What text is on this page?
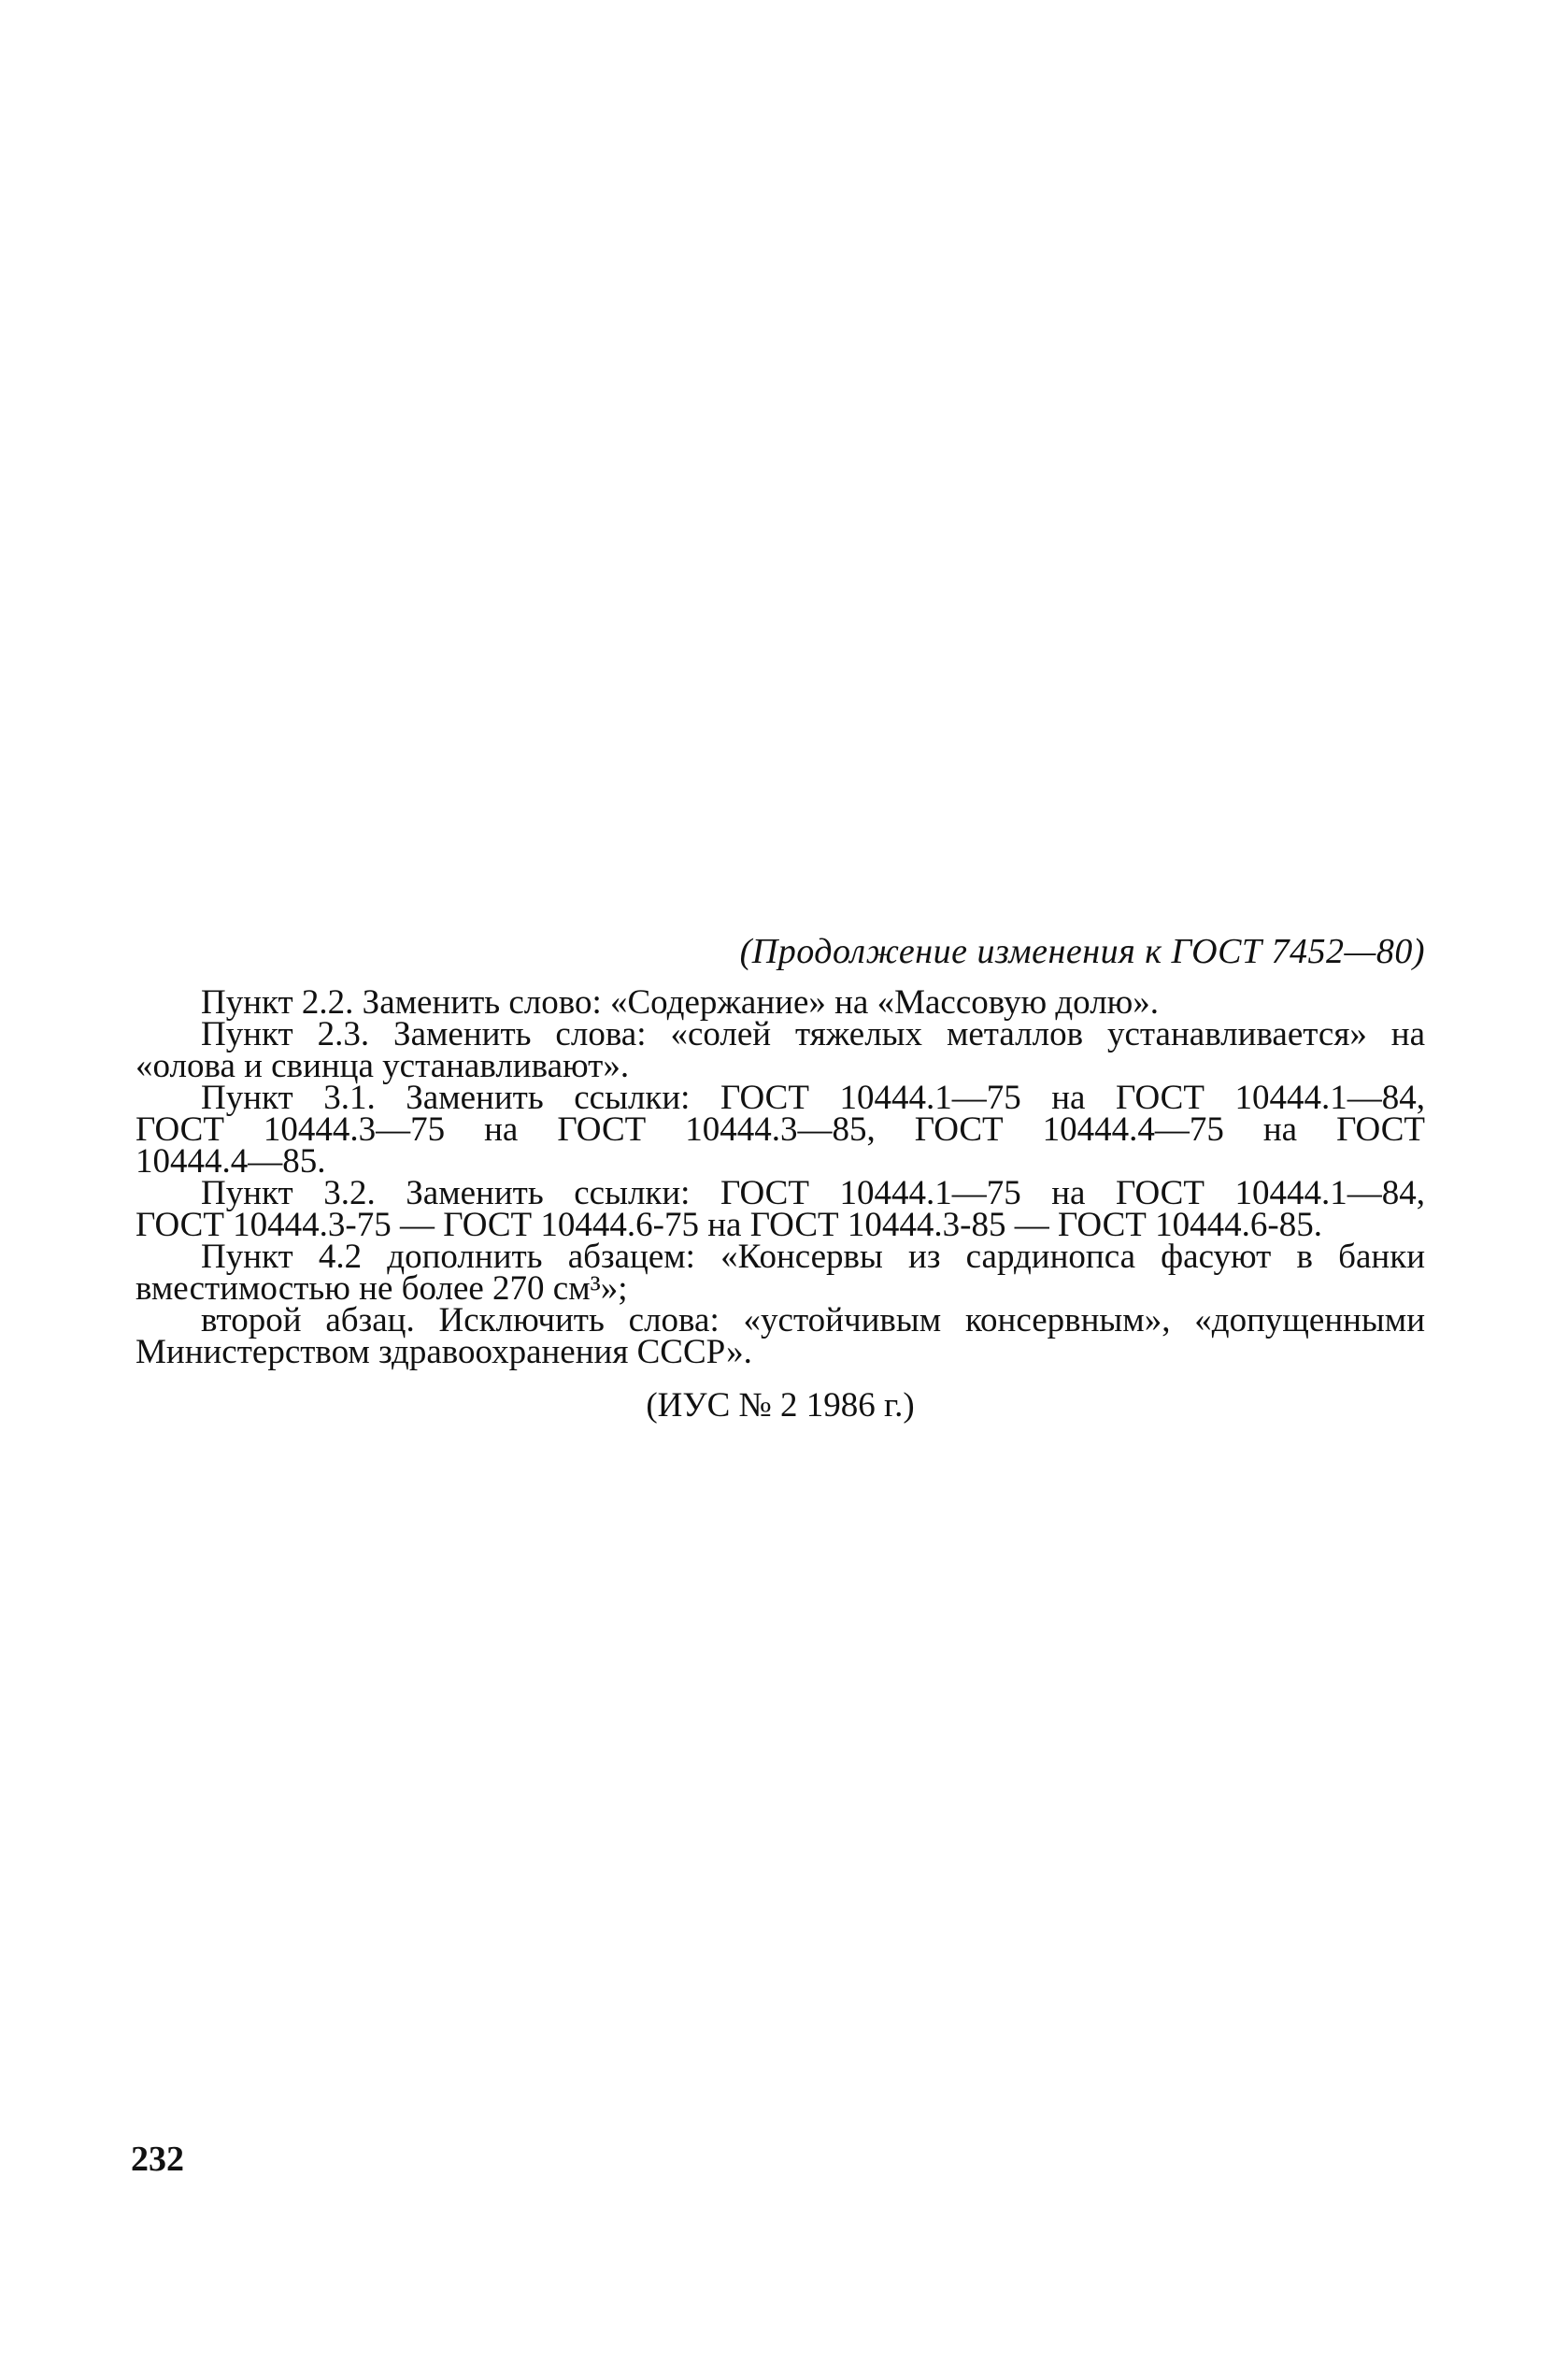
(Продолжение изменения к ГОСТ 7452—80)
Пункт 2.2. Заменить слово: «Содержание» на «Массовую долю».
Пункт 2.3. Заменить слова: «солей тяжелых металлов устанавливается» на
«олова и свинца устанавливают».
Пункт 3.1. Заменить ссылки: ГОСТ 10444.1—75 на ГОСТ 10444.1—84,
ГОСТ 10444.3—75 на ГОСТ 10444.3—85, ГОСТ 10444.4—75 на ГОСТ
10444.4—85.
Пункт 3.2. Заменить ссылки: ГОСТ 10444.1—75 на ГОСТ 10444.1—84,
ГОСТ 10444.3-75 — ГОСТ 10444.6-75 на ГОСТ 10444.3-85 — ГОСТ 10444.6-85.
Пункт 4.2 дополнить абзацем: «Консервы из сардинопса фасуют в банки
вместимостью не более 270 см³»;
второй абзац. Исключить слова: «устойчивым консервным», «допущенными
Министерством здравоохранения СССР».
(ИУС № 2 1986 г.)
232
